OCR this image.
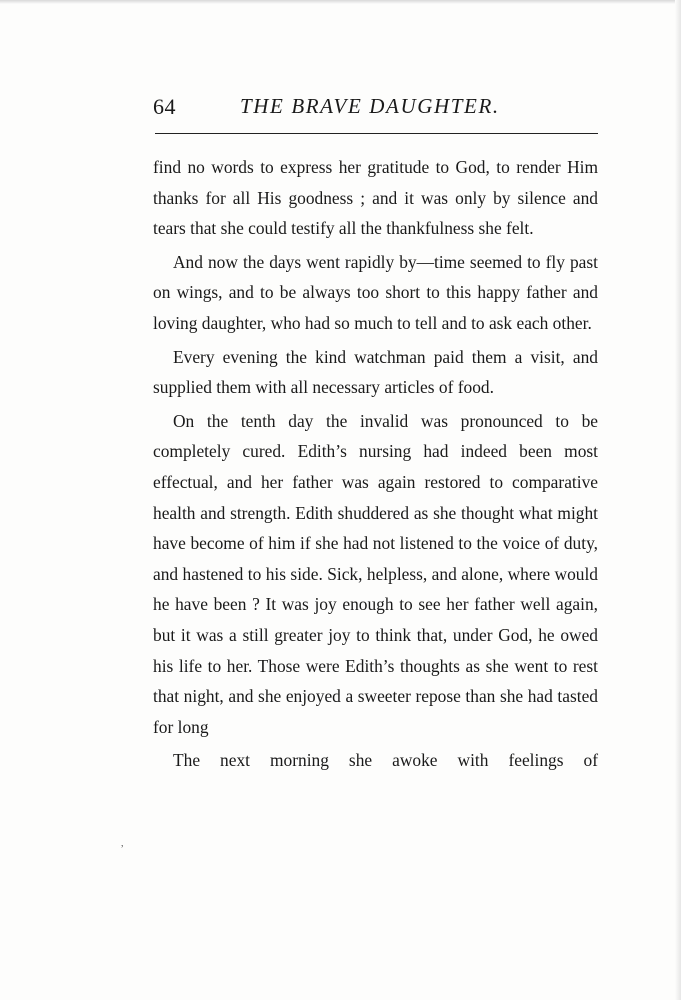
64	THE BRAVE DAUGHTER.

find no words to express her gratitude to God, to render Him thanks for all His goodness ; and it was only by silence and tears that she could testify all the thankfulness she felt.

And now the days went rapidly by—time seemed to fly past on wings, and to be always too short to this happy father and loving daughter, who had so much to tell and to ask each other.

Every evening the kind watchman paid them a visit, and supplied them with all necessary articles of food.

On the tenth day the invalid was pronounced to be completely cured. Edith’s nursing had indeed been most effectual, and her father was again restored to comparative health and strength. Edith shuddered as she thought what might have become of him if she had not listened to the voice of duty, and hastened to his side. Sick, helpless, and alone, where would he have been ? It was joy enough to see her father well again, but it was a still greater joy to think that, under God, he owed his life to her. Those were Edith’s thoughts as she went to rest that night, and she enjoyed a sweeter repose than she had tasted for long

The next morning she awoke with feelings of

,
